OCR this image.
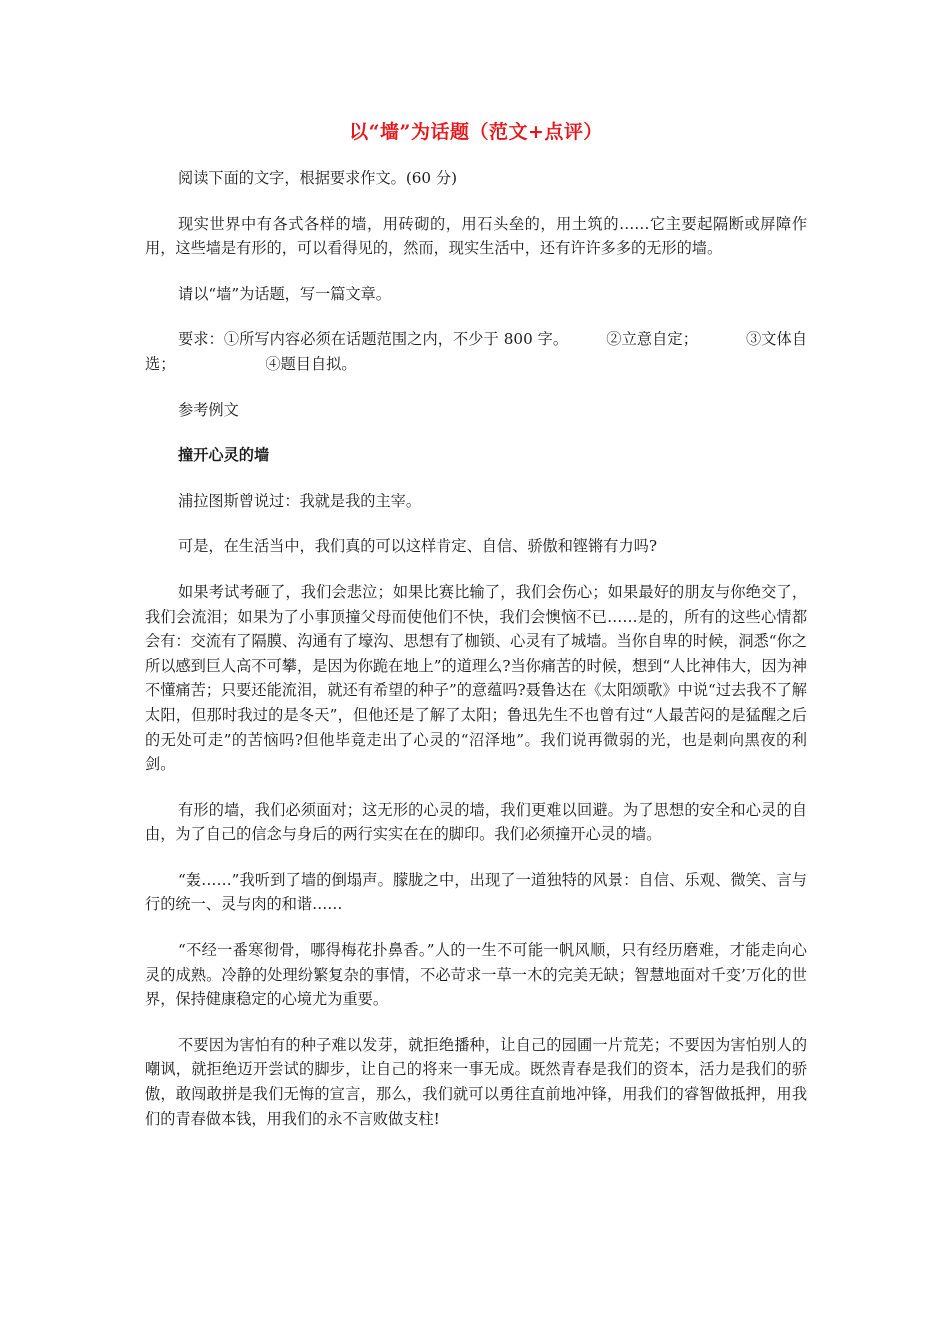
以“墙”为话题（范文+点评）

阅读下面的文字，根据要求作文。(60 分)

现实世界中有各式各样的墙，用砖砌的，用石头垒的，用土筑的……它主要起隔断或屏障作用，这些墙是有形的，可以看得见的，然而，现实生活中，还有许许多多的无形的墙。

请以“墙”为话题，写一篇文章。

要求：①所写内容必须在话题范围之内，不少于 800 字。	②立意自定；	③文体自选；	④题目自拟。

参考例文

撞开心灵的墙

浦拉图斯曾说过：我就是我的主宰。

可是，在生活当中，我们真的可以这样肯定、自信、骄傲和铿锵有力吗?

如果考试考砸了，我们会悲泣；如果比赛比输了，我们会伤心；如果最好的朋友与你绝交了，我们会流泪；如果为了小事顶撞父母而使他们不快，我们会懊恼不已……是的，所有的这些心情都会有：交流有了隔膜、沟通有了壕沟、思想有了枷锁、心灵有了城墙。当你自卑的时候，洞悉“你之所以感到巨人高不可攀，是因为你跪在地上”的道理么?当你痛苦的时候，想到“人比神伟大，因为神不懂痛苦；只要还能流泪，就还有希望的种子”的意蕴吗?聂鲁达在《太阳颂歌》中说“过去我不了解太阳，但那时我过的是冬天”，但他还是了解了太阳；鲁迅先生不也曾有过“人最苦闷的是猛醒之后的无处可走”的苦恼吗?但他毕竟走出了心灵的“沼泽地”。我们说再微弱的光，也是刺向黑夜的利剑。

有形的墙，我们必须面对；这无形的心灵的墙，我们更难以回避。为了思想的安全和心灵的自由，为了自己的信念与身后的两行实实在在的脚印。我们必须撞开心灵的墙。

“轰……”我听到了墙的倒塌声。朦胧之中，出现了一道独特的风景：自信、乐观、微笑、言与行的统一、灵与肉的和谐……

“不经一番寒彻骨，哪得梅花扑鼻香。”人的一生不可能一帆风顺，只有经历磨难，才能走向心灵的成熟。冷静的处理纷繁复杂的事情，不必苛求一草一木的完美无缺；智慧地面对千变’万化的世界，保持健康稳定的心境尤为重要。

不要因为害怕有的种子难以发芽，就拒绝播种，让自己的园圃一片荒芜；不要因为害怕别人的嘲讽，就拒绝迈开尝试的脚步，让自己的将来一事无成。既然青春是我们的资本，活力是我们的骄傲，敢闯敢拼是我们无悔的宣言，那么，我们就可以勇往直前地冲锋，用我们的睿智做抵押，用我们的青春做本钱，用我们的永不言败做支柱!
